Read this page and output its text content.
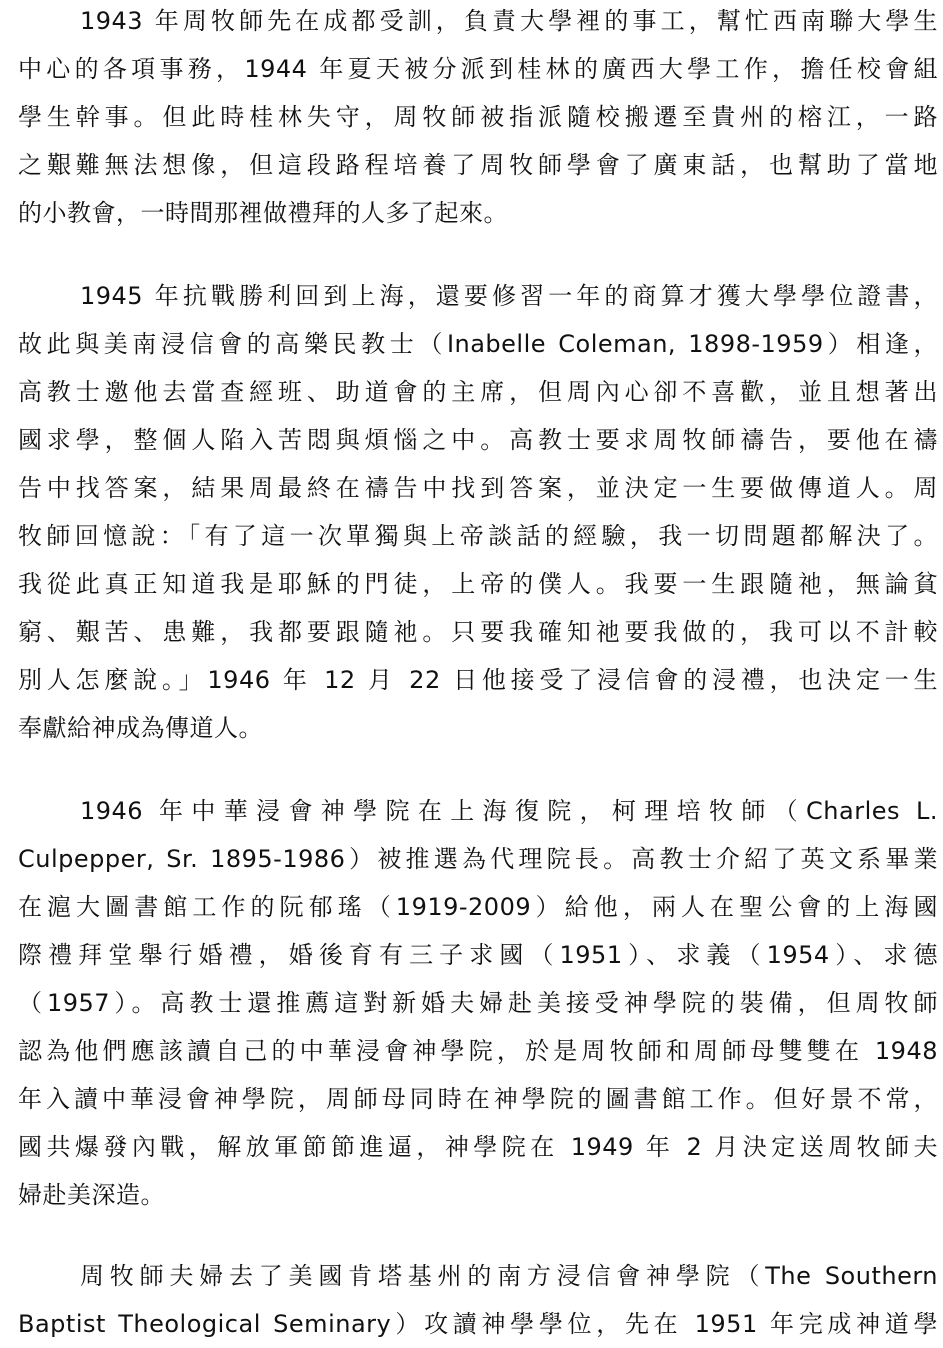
1943 年周牧師先在成都受訓，負責大學裡的事工，幫忙西南聯大學生
中心的各項事務，1944 年夏天被分派到桂林的廣西大學工作，擔任校會組
學生幹事。但此時桂林失守，周牧師被指派隨校搬遷至貴州的榕江，一路
之艱難無法想像，但這段路程培養了周牧師學會了廣東話，也幫助了當地
的小教會，一時間那裡做禮拜的人多了起來。
1945 年抗戰勝利回到上海，還要修習一年的商算才獲大學學位證書，
故此與美南浸信會的高樂民教士（Inabelle Coleman, 1898-1959）相逢，
高教士邀他去當查經班、助道會的主席，但周內心卻不喜歡，並且想著出
國求學，整個人陷入苦悶與煩惱之中。高教士要求周牧師禱告，要他在禱
告中找答案，結果周最終在禱告中找到答案，並決定一生要做傳道人。周
牧師回憶說：「有了這一次單獨與上帝談話的經驗，我一切問題都解決了。
我從此真正知道我是耶穌的門徒，上帝的僕人。我要一生跟隨祂，無論貧
窮、艱苦、患難，我都要跟隨祂。只要我確知祂要我做的，我可以不計較
別人怎麼說。」1946 年 12 月 22 日他接受了浸信會的浸禮，也決定一生
奉獻給神成為傳道人。
1946 年中華浸會神學院在上海復院，柯理培牧師（Charles L.
Culpepper, Sr. 1895-1986）被推選為代理院長。高教士介紹了英文系畢業
在滬大圖書館工作的阮郁瑤（1919-2009）給他，兩人在聖公會的上海國
際禮拜堂舉行婚禮，婚後育有三子求國（1951）、求義（1954）、求德
（1957）。高教士還推薦這對新婚夫婦赴美接受神學院的裝備，但周牧師
認為他們應該讀自己的中華浸會神學院，於是周牧師和周師母雙雙在 1948
年入讀中華浸會神學院，周師母同時在神學院的圖書館工作。但好景不常，
國共爆發內戰，解放軍節節進逼，神學院在 1949 年 2 月決定送周牧師夫
婦赴美深造。
周牧師夫婦去了美國肯塔基州的南方浸信會神學院（The Southern
Baptist Theological Seminary）攻讀神學學位，先在 1951 年完成神道學
